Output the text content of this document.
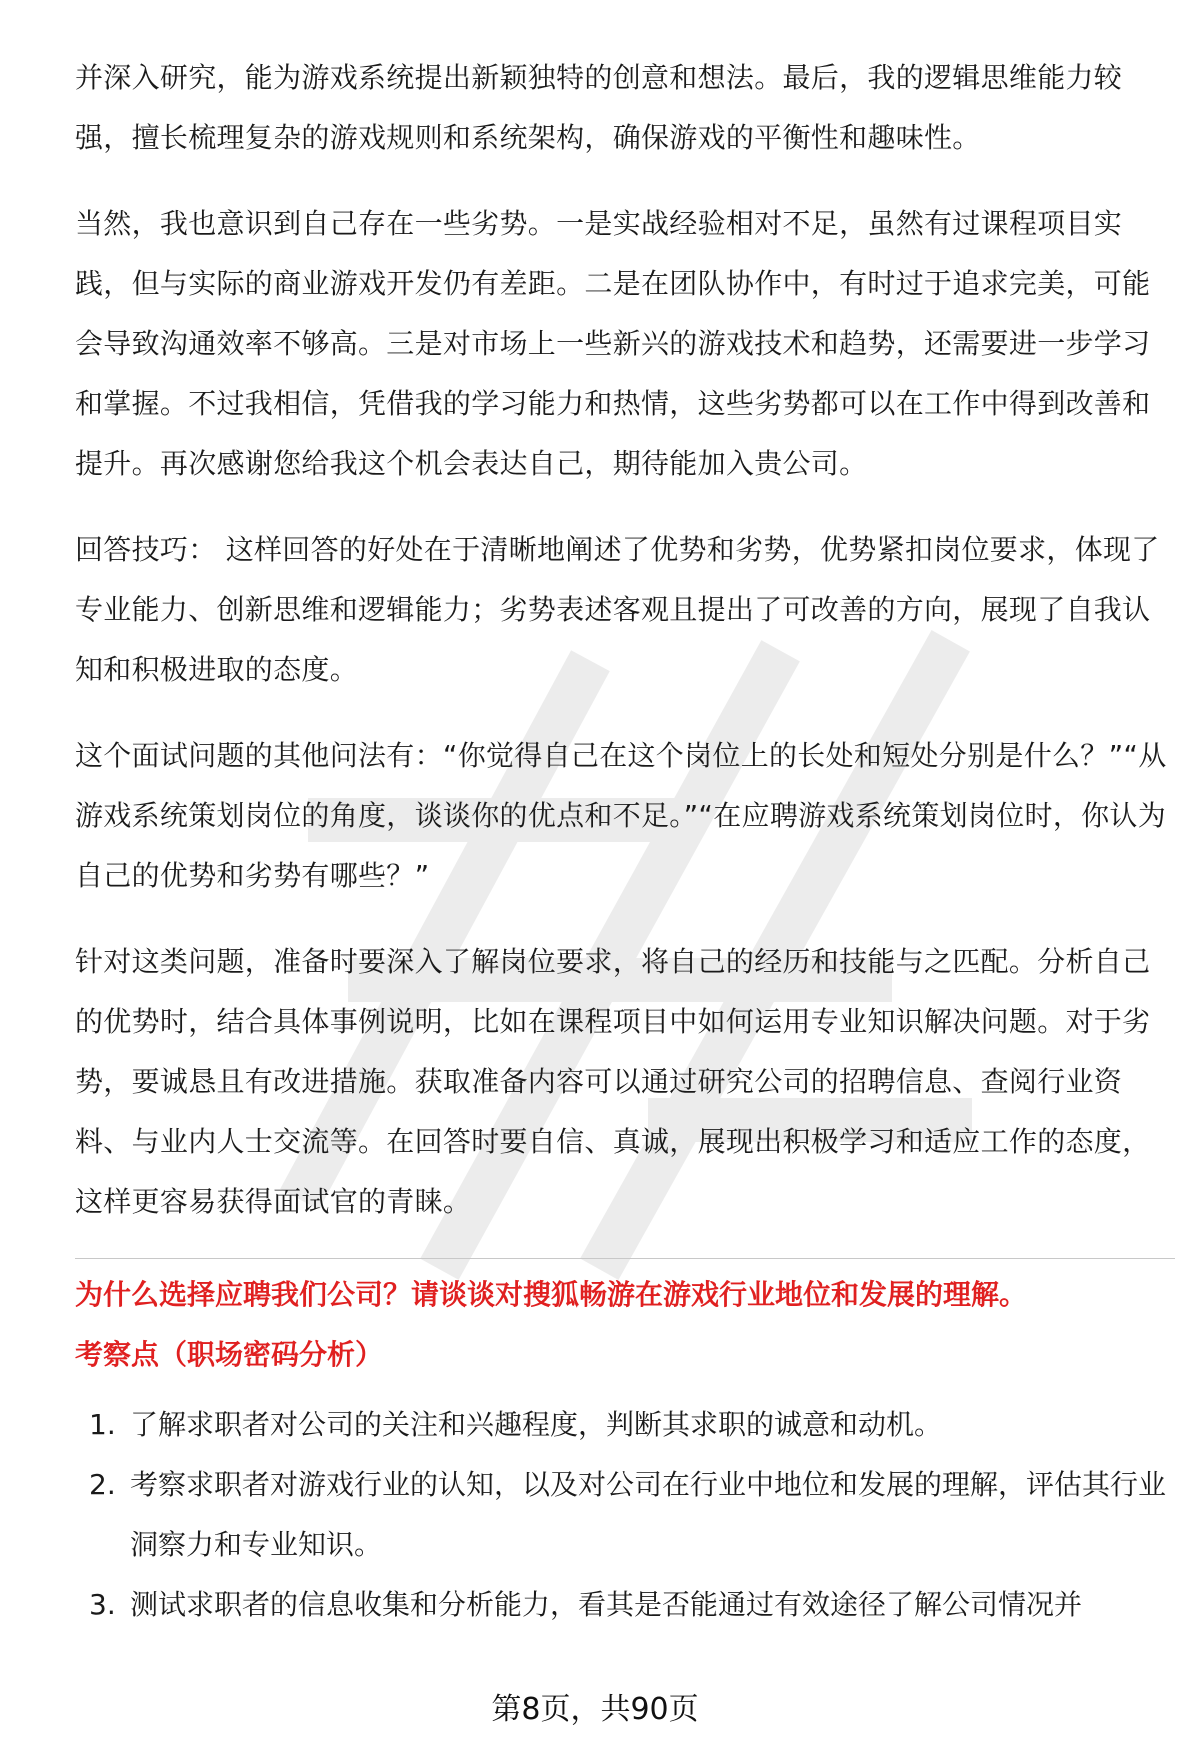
并深入研究，能为游戏系统提出新颖独特的创意和想法。最后，我的逻辑思维能力较强，擅长梳理复杂的游戏规则和系统架构，确保游戏的平衡性和趣味性。

当然，我也意识到自己存在一些劣势。一是实战经验相对不足，虽然有过课程项目实践，但与实际的商业游戏开发仍有差距。二是在团队协作中，有时过于追求完美，可能会导致沟通效率不够高。三是对市场上一些新兴的游戏技术和趋势，还需要进一步学习和掌握。不过我相信，凭借我的学习能力和热情，这些劣势都可以在工作中得到改善和提升。再次感谢您给我这个机会表达自己，期待能加入贵公司。

回答技巧： 这样回答的好处在于清晰地阐述了优势和劣势，优势紧扣岗位要求，体现了专业能力、创新思维和逻辑能力；劣势表述客观且提出了可改善的方向，展现了自我认知和积极进取的态度。

这个面试问题的其他问法有：“你觉得自己在这个岗位上的长处和短处分别是什么？”“从游戏系统策划岗位的角度，谈谈你的优点和不足。”“在应聘游戏系统策划岗位时，你认为自己的优势和劣势有哪些？”

针对这类问题，准备时要深入了解岗位要求，将自己的经历和技能与之匹配。分析自己的优势时，结合具体事例说明，比如在课程项目中如何运用专业知识解决问题。对于劣势，要诚恳且有改进措施。获取准备内容可以通过研究公司的招聘信息、查阅行业资料、与业内人士交流等。在回答时要自信、真诚，展现出积极学习和适应工作的态度，这样更容易获得面试官的青睐。

为什么选择应聘我们公司？请谈谈对搜狐畅游在游戏行业地位和发展的理解。

考察点（职场密码分析）

1. 了解求职者对公司的关注和兴趣程度，判断其求职的诚意和动机。
2. 考察求职者对游戏行业的认知，以及对公司在行业中地位和发展的理解，评估其行业洞察力和专业知识。
3. 测试求职者的信息收集和分析能力，看其是否能通过有效途径了解公司情况并
第8页，共90页
